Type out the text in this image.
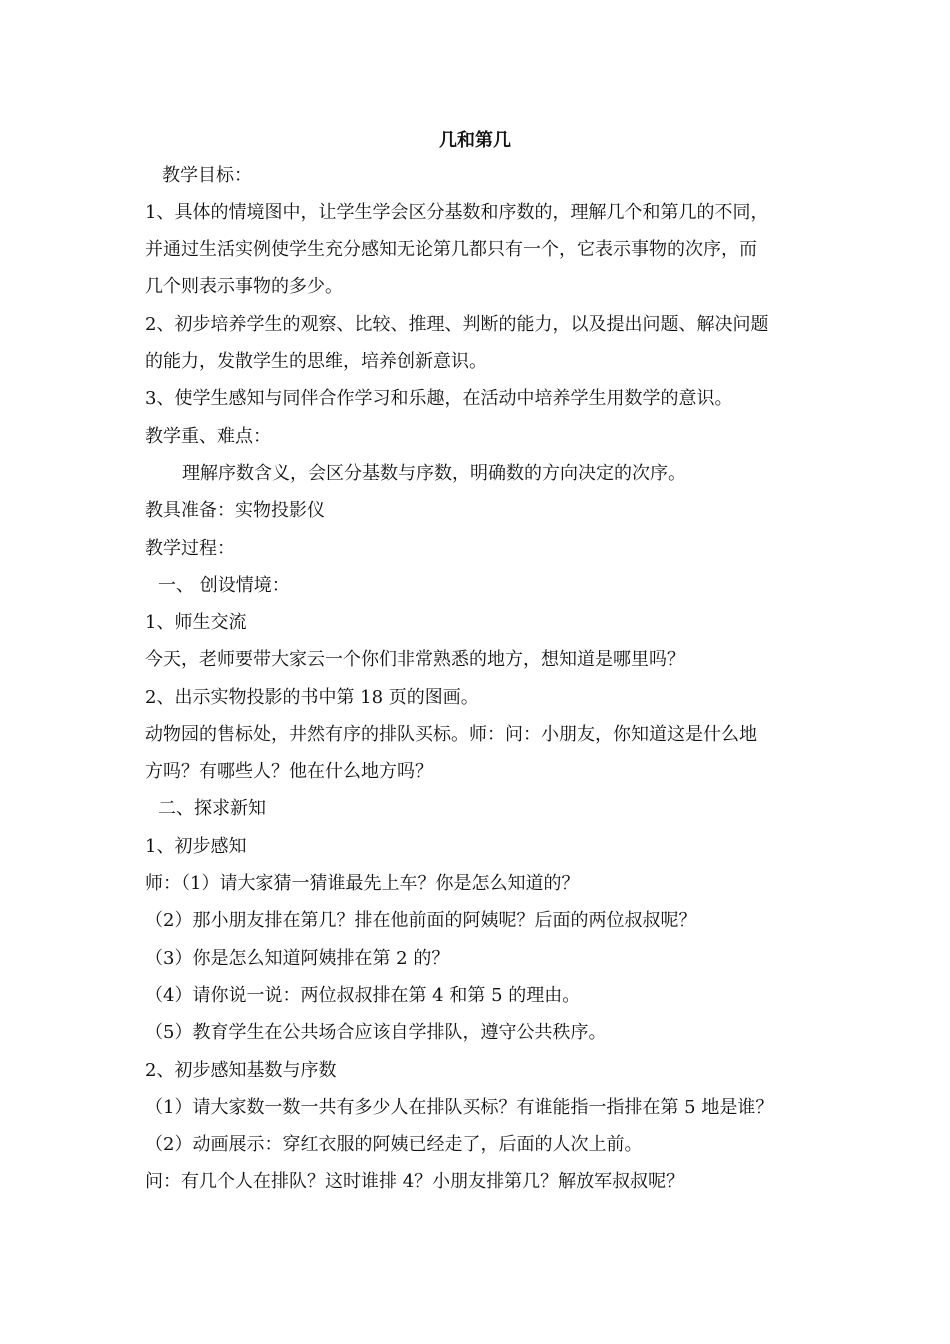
几和第几
教学目标：
1、具体的情境图中，让学生学会区分基数和序数的，理解几个和第几的不同，
并通过生活实例使学生充分感知无论第几都只有一个，它表示事物的次序，而
几个则表示事物的多少。
2、初步培养学生的观察、比较、推理、判断的能力，以及提出问题、解决问题
的能力，发散学生的思维，培养创新意识。
3、使学生感知与同伴合作学习和乐趣，在活动中培养学生用数学的意识。
教学重、难点：
理解序数含义，会区分基数与序数，明确数的方向决定的次序。
教具准备：实物投影仪
教学过程：
一、 创设情境：
1、师生交流
今天，老师要带大家云一个你们非常熟悉的地方，想知道是哪里吗？
2、出示实物投影的书中第 18 页的图画。
动物园的售标处，井然有序的排队买标。师：问：小朋友，你知道这是什么地
方吗？有哪些人？他在什么地方吗？
二、探求新知
1、初步感知
师：（1）请大家猜一猜谁最先上车？你是怎么知道的？
（2）那小朋友排在第几？排在他前面的阿姨呢？后面的两位叔叔呢？
（3）你是怎么知道阿姨排在第 2 的？
（4）请你说一说：两位叔叔排在第 4 和第 5 的理由。
（5）教育学生在公共场合应该自学排队，遵守公共秩序。
2、初步感知基数与序数
（1）请大家数一数一共有多少人在排队买标？有谁能指一指排在第 5 地是谁？
（2）动画展示：穿红衣服的阿姨已经走了，后面的人次上前。
问：有几个人在排队？这时谁排 4？小朋友排第几？解放军叔叔呢？
